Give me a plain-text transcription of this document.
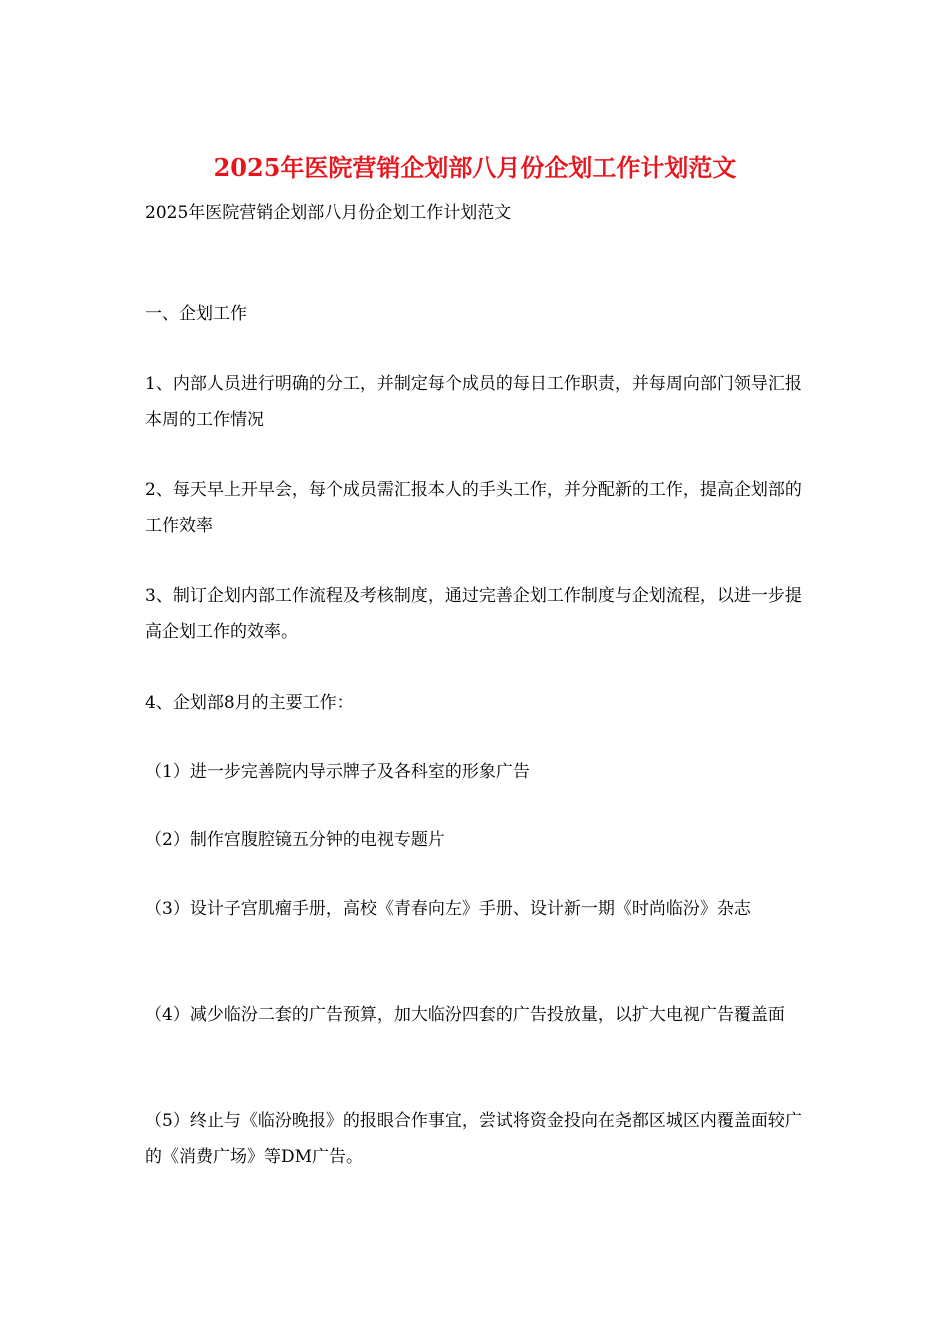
2025年医院营销企划部八月份企划工作计划范文
2025年医院营销企划部八月份企划工作计划范文

一、企划工作

1、内部人员进行明确的分工，并制定每个成员的每日工作职责，并每周向部门领导汇报本周的工作情况

2、每天早上开早会，每个成员需汇报本人的手头工作，并分配新的工作，提高企划部的工作效率

3、制订企划内部工作流程及考核制度，通过完善企划工作制度与企划流程，以进一步提高企划工作的效率。

4、企划部8月的主要工作：

（1）进一步完善院内导示牌子及各科室的形象广告

（2）制作宫腹腔镜五分钟的电视专题片

（3）设计子宫肌瘤手册，高校《青春向左》手册、设计新一期《时尚临汾》杂志

（4）减少临汾二套的广告预算，加大临汾四套的广告投放量，以扩大电视广告覆盖面

（5）终止与《临汾晚报》的报眼合作事宜，尝试将资金投向在尧都区城区内覆盖面较广的《消费广场》等DM广告。
